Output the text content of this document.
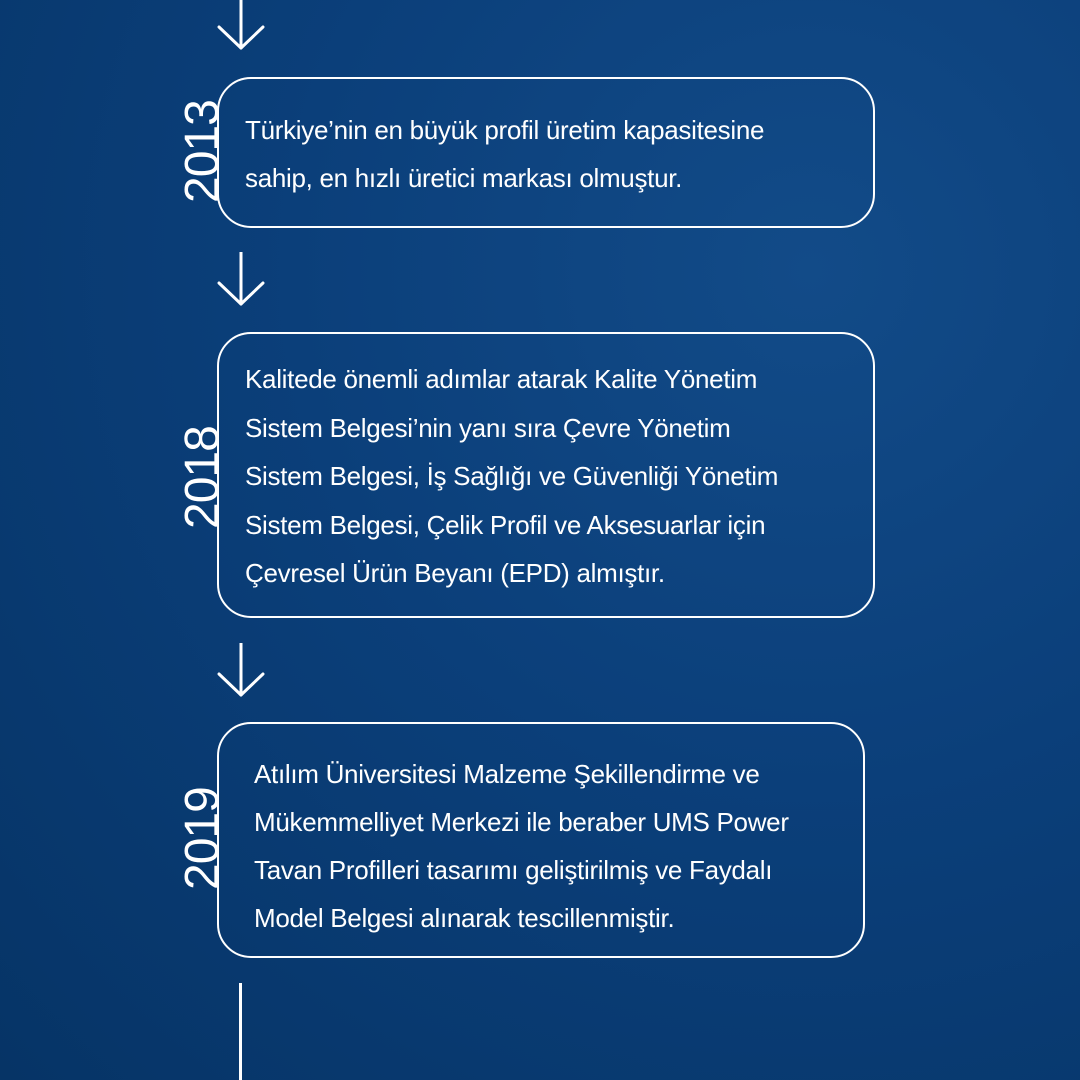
2013 Türkiye’nin en büyük profil üretim kapasitesine
sahip, en hızlı üretici markası olmuştur.
2018
Kalitede önemli adımlar atarak Kalite Yönetim
Sistem Belgesi’nin yanı sıra Çevre Yönetim
Sistem Belgesi, İş Sağlığı ve Güvenliği Yönetim
Sistem Belgesi, Çelik Profil ve Aksesuarlar için
Çevresel Ürün Beyanı (EPD) almıştır.
2019
Atılım Üniversitesi Malzeme Şekillendirme ve
Mükemmelliyet Merkezi ile beraber UMS Power
Tavan Profilleri tasarımı geliştirilmiş ve Faydalı
Model Belgesi alınarak tescillenmiştir.
